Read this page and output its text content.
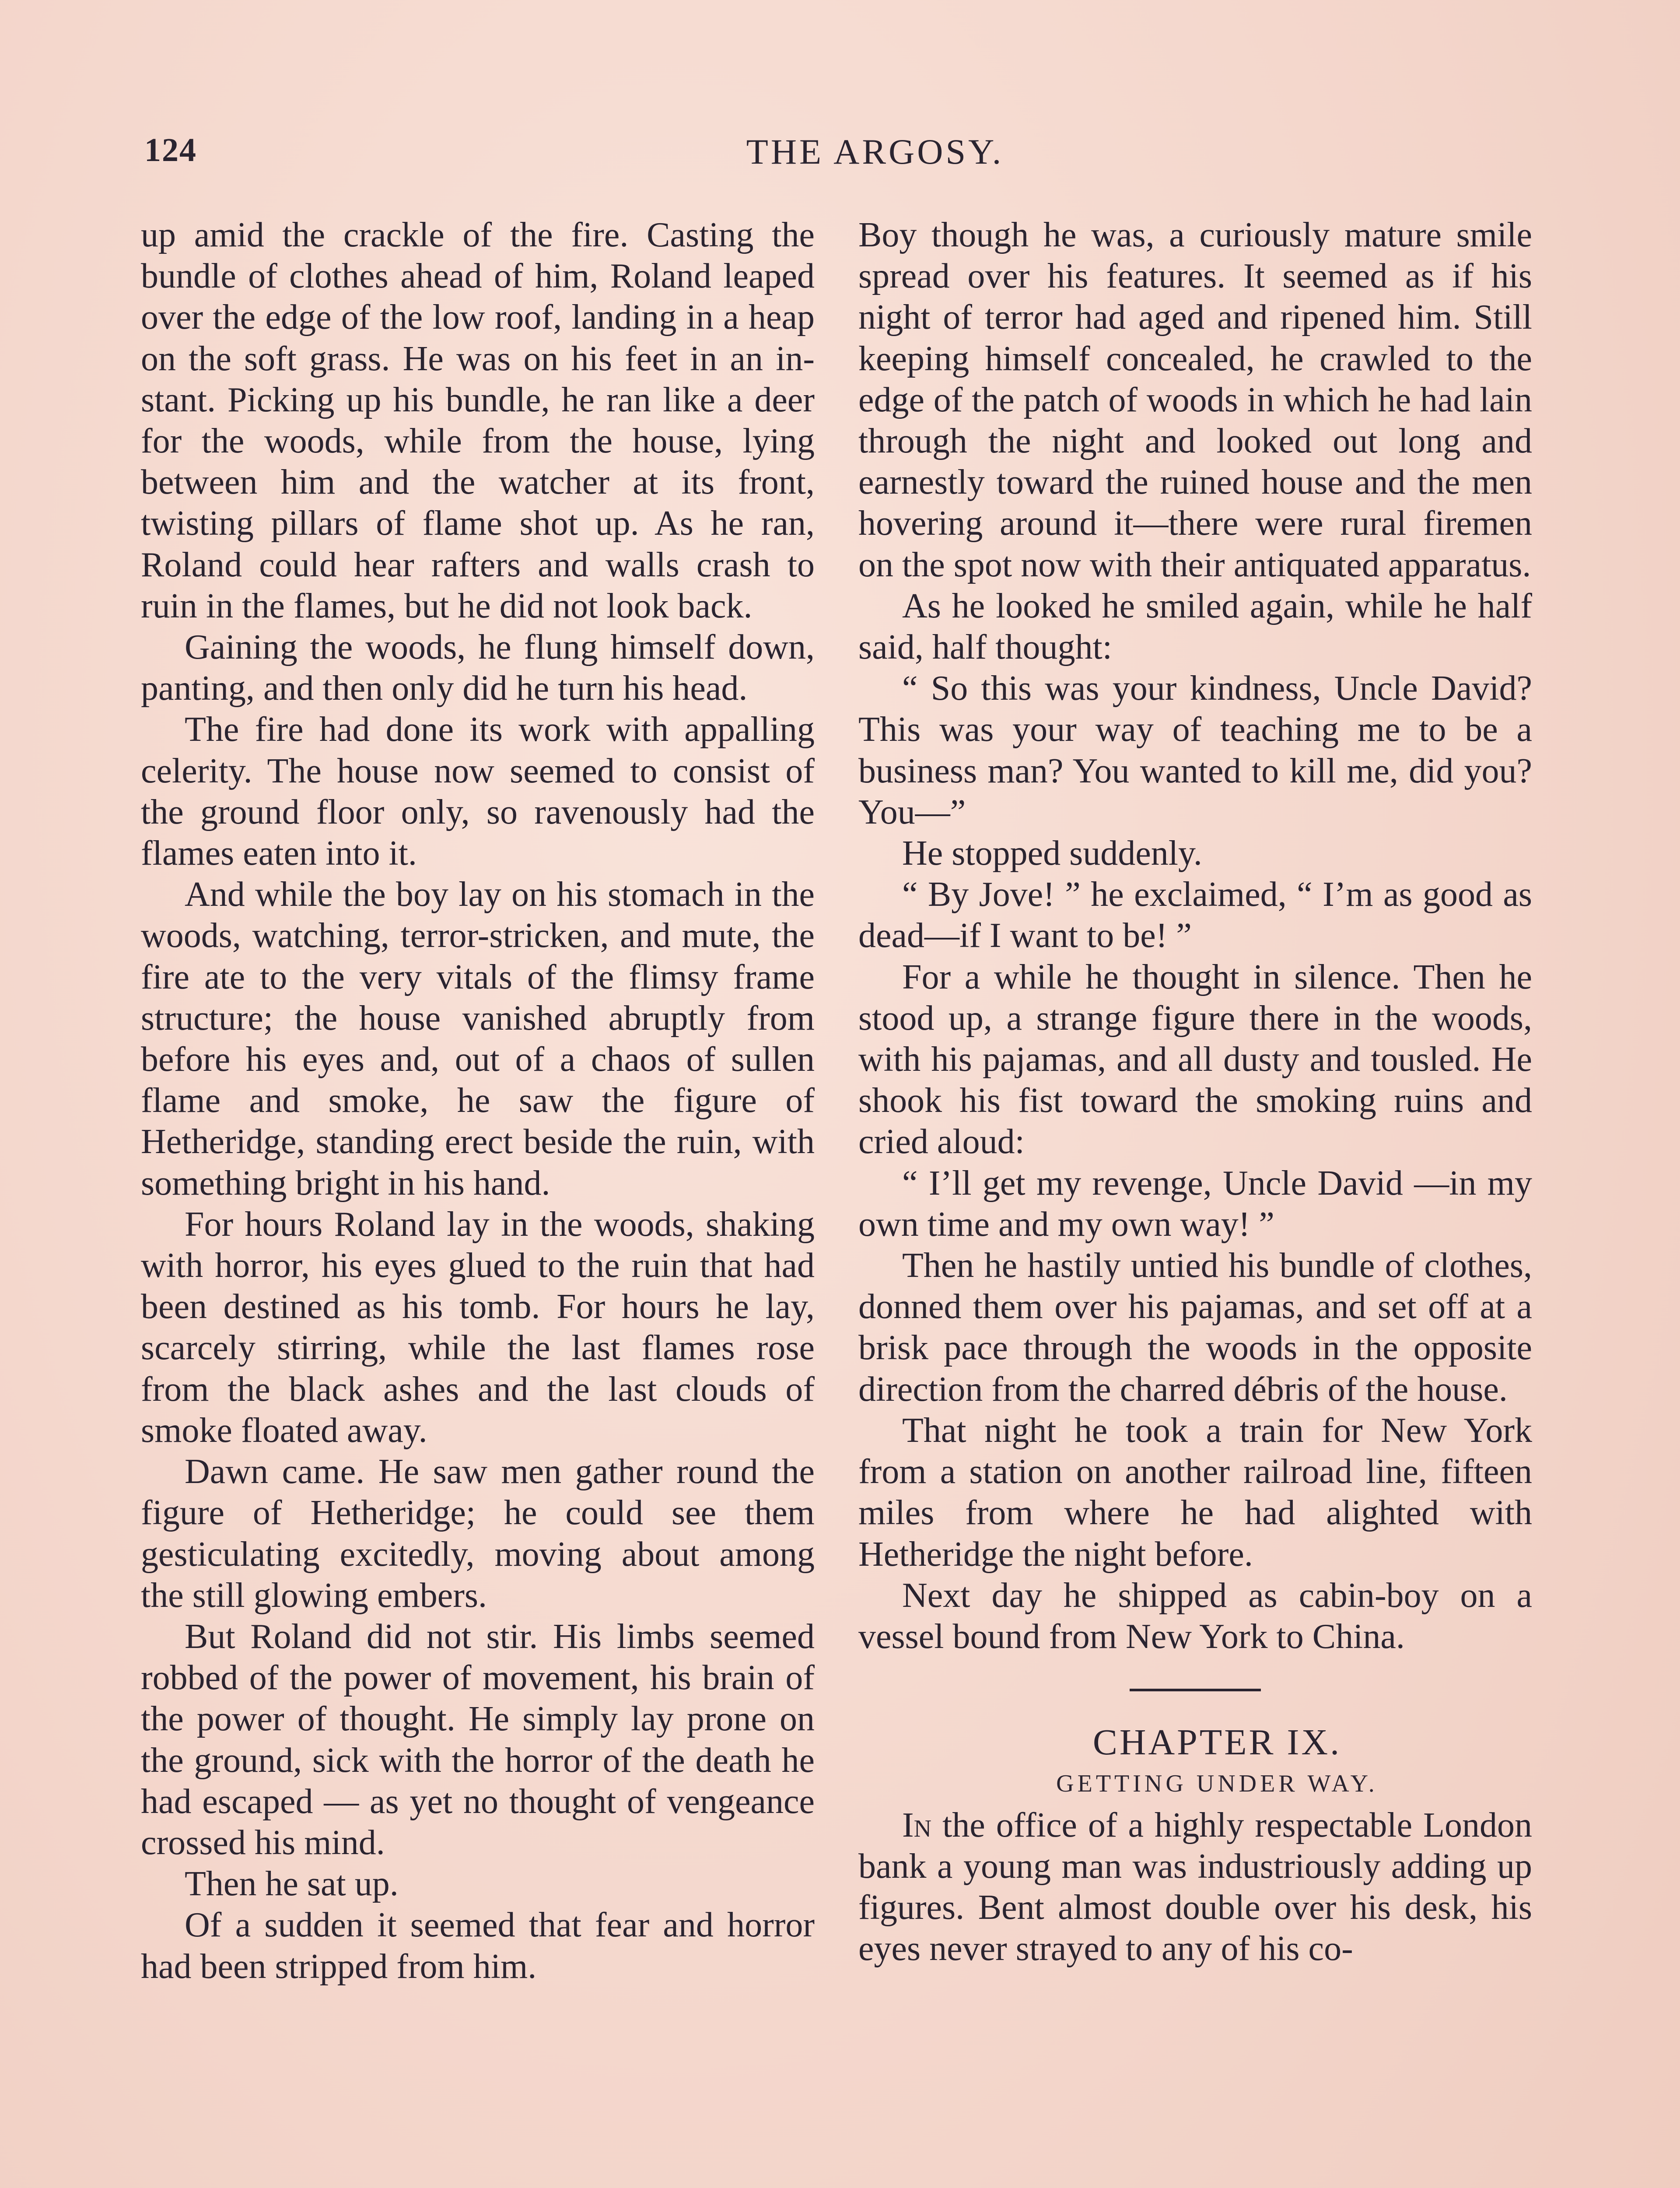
124	THE ARGOSY.

up amid the crackle of the fire. Casting the bundle of clothes ahead of him, Roland leaped over the edge of the low roof, landing in a heap on the soft grass. He was on his feet in an instant. Picking up his bundle, he ran like a deer for the woods, while from the house, lying between him and the watcher at its front, twisting pillars of flame shot up. As he ran, Roland could hear rafters and walls crash to ruin in the flames, but he did not look back.

Gaining the woods, he flung himself down, panting, and then only did he turn his head.

The fire had done its work with appalling celerity. The house now seemed to consist of the ground floor only, so ravenously had the flames eaten into it.

And while the boy lay on his stomach in the woods, watching, terror-stricken, and mute, the fire ate to the very vitals of the flimsy frame structure; the house vanished abruptly from before his eyes and, out of a chaos of sullen flame and smoke, he saw the figure of Hetheridge, standing erect beside the ruin, with something bright in his hand.

For hours Roland lay in the woods, shaking with horror, his eyes glued to the ruin that had been destined as his tomb. For hours he lay, scarcely stirring, while the last flames rose from the black ashes and the last clouds of smoke floated away.

Dawn came. He saw men gather round the figure of Hetheridge; he could see them gesticulating excitedly, moving about among the still glowing embers.

But Roland did not stir. His limbs seemed robbed of the power of movement, his brain of the power of thought. He simply lay prone on the ground, sick with the horror of the death he had escaped — as yet no thought of vengeance crossed his mind.

Then he sat up.

Of a sudden it seemed that fear and horror had been stripped from him.

Boy though he was, a curiously mature smile spread over his features. It seemed as if his night of terror had aged and ripened him. Still keeping himself concealed, he crawled to the edge of the patch of woods in which he had lain through the night and looked out long and earnestly toward the ruined house and the men hovering around it—there were rural firemen on the spot now with their antiquated apparatus.

As he looked he smiled again, while he half said, half thought:

“ So this was your kindness, Uncle David? This was your way of teaching me to be a business man? You wanted to kill me, did you? You—”

He stopped suddenly.

“ By Jove! ” he exclaimed, “ I’m as good as dead—if I want to be! ”

For a while he thought in silence. Then he stood up, a strange figure there in the woods, with his pajamas, and all dusty and tousled. He shook his fist toward the smoking ruins and cried aloud:

“ I’ll get my revenge, Uncle David —in my own time and my own way! ”

Then he hastily untied his bundle of clothes, donned them over his pajamas, and set off at a brisk pace through the woods in the opposite direction from the charred débris of the house.

That night he took a train for New York from a station on another railroad line, fifteen miles from where he had alighted with Hetheridge the night before.

Next day he shipped as cabin-boy on a vessel bound from New York to China.

CHAPTER IX.

GETTING UNDER WAY.

In the office of a highly respectable London bank a young man was industriously adding up figures. Bent almost double over his desk, his eyes never strayed to any of his co-
